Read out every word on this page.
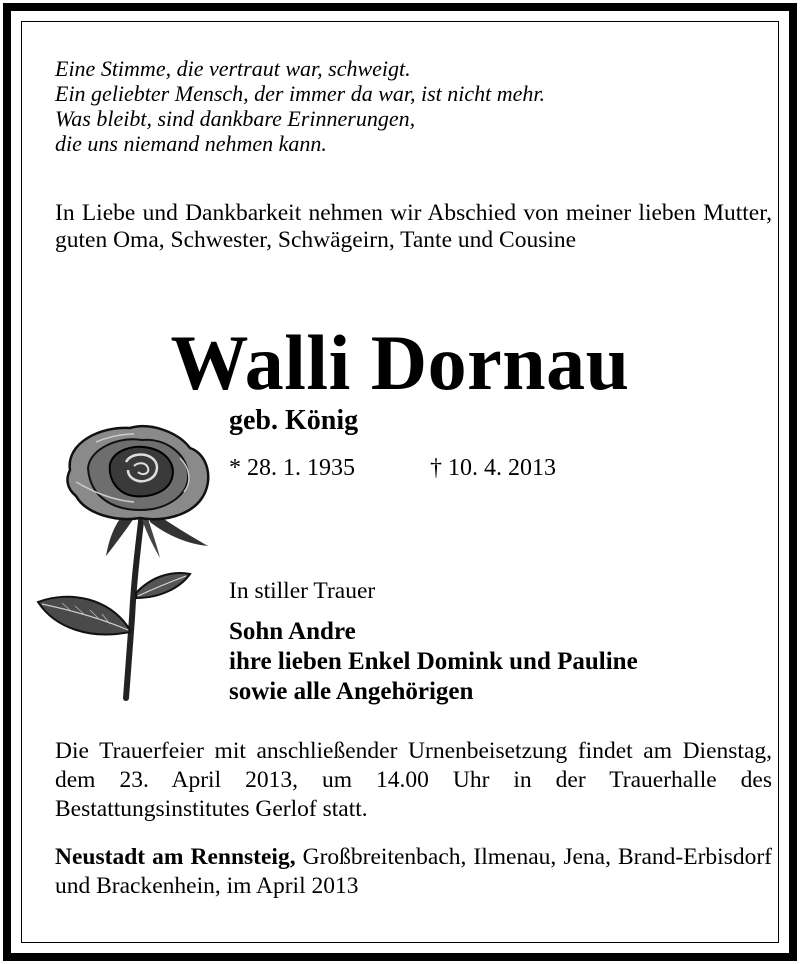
Eine Stimme, die vertraut war, schweigt.
Ein geliebter Mensch, der immer da war, ist nicht mehr.
Was bleibt, sind dankbare Erinnerungen,
die uns niemand nehmen kann.
In Liebe und Dankbarkeit nehmen wir Abschied von meiner lieben Mutter, guten Oma, Schwester, Schwägeirn, Tante und Cousine
Walli Dornau
geb. König
* 28. 1. 1935	† 10. 4. 2013
In stiller Trauer
Sohn Andre
ihre lieben Enkel Domink und Pauline
sowie alle Angehörigen
Die Trauerfeier mit anschließender Urnenbeisetzung findet am Dienstag, dem 23. April 2013, um 14.00 Uhr in der Trauerhalle des Bestattungsinstitutes Gerlof statt.
Neustadt am Rennsteig, Großbreitenbach, Ilmenau, Jena, Brand-Erbisdorf und Brackenhein, im April 2013
